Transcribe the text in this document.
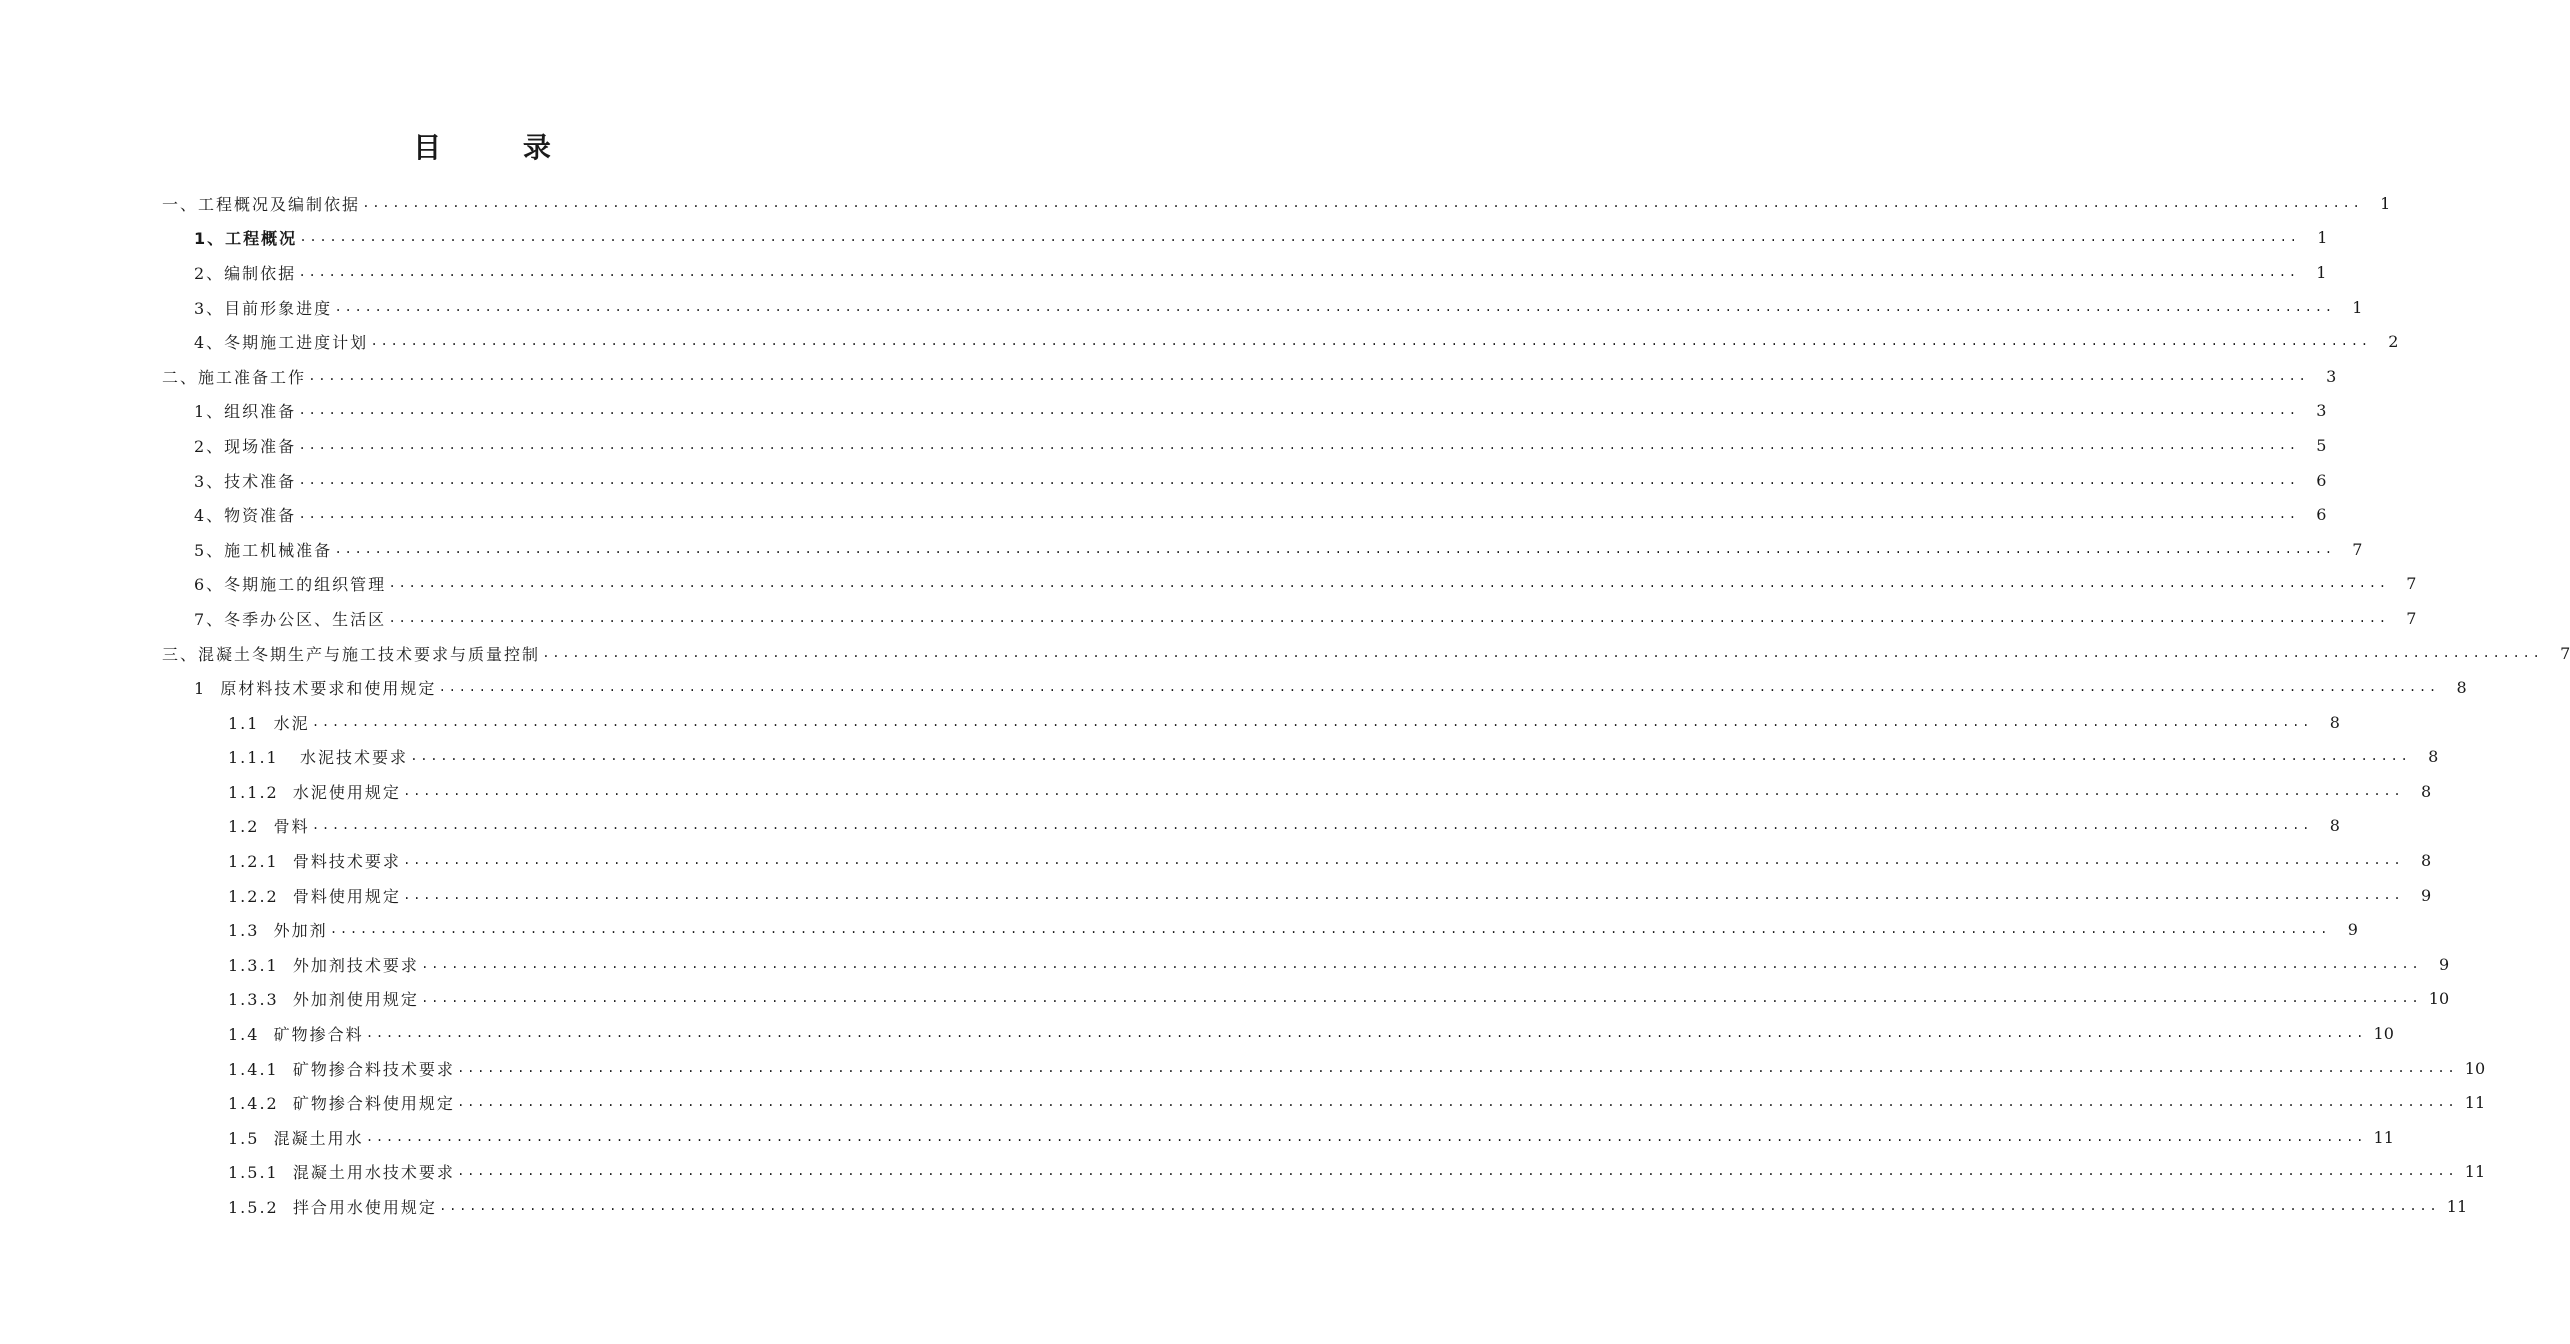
目 录
一、工程概况及编制依据 ........................................................................................................................................................................................................	1
1、工程概况 ........................................................................................................................................................................................................	1
2、编制依据 ........................................................................................................................................................................................................	1
3、目前形象进度 ........................................................................................................................................................................................................	1
4、冬期施工进度计划 ........................................................................................................................................................................................................	2
二、施工准备工作 ........................................................................................................................................................................................................	3
1、组织准备 ........................................................................................................................................................................................................	3
2、现场准备 ........................................................................................................................................................................................................	5
3、技术准备 ........................................................................................................................................................................................................	6
4、物资准备 ........................................................................................................................................................................................................	6
5、施工机械准备 ........................................................................................................................................................................................................	7
6、冬期施工的组织管理 ........................................................................................................................................................................................................	7
7、冬季办公区、生活区 ........................................................................................................................................................................................................	7
三、混凝土冬期生产与施工技术要求与质量控制 ........................................................................................................................................................................................................	7
1  原材料技术要求和使用规定 ........................................................................................................................................................................................................	8
1.1  水泥 ........................................................................................................................................................................................................	8
1.1.1   水泥技术要求 ........................................................................................................................................................................................................	8
1.1.2  水泥使用规定 ........................................................................................................................................................................................................	8
1.2  骨料 ........................................................................................................................................................................................................	8
1.2.1  骨料技术要求 ........................................................................................................................................................................................................	8
1.2.2  骨料使用规定 ........................................................................................................................................................................................................	9
1.3  外加剂 ........................................................................................................................................................................................................	9
1.3.1  外加剂技术要求 ........................................................................................................................................................................................................	9
1.3.3  外加剂使用规定 ........................................................................................................................................................................................................ 10
1.4  矿物掺合料 ........................................................................................................................................................................................................ 10
1.4.1  矿物掺合料技术要求 ........................................................................................................................................................................................................ 10
1.4.2  矿物掺合料使用规定 ........................................................................................................................................................................................................ 11
1.5  混凝土用水 ........................................................................................................................................................................................................ 11
1.5.1  混凝土用水技术要求 ........................................................................................................................................................................................................ 11
1.5.2  拌合用水使用规定 ........................................................................................................................................................................................................ 11
